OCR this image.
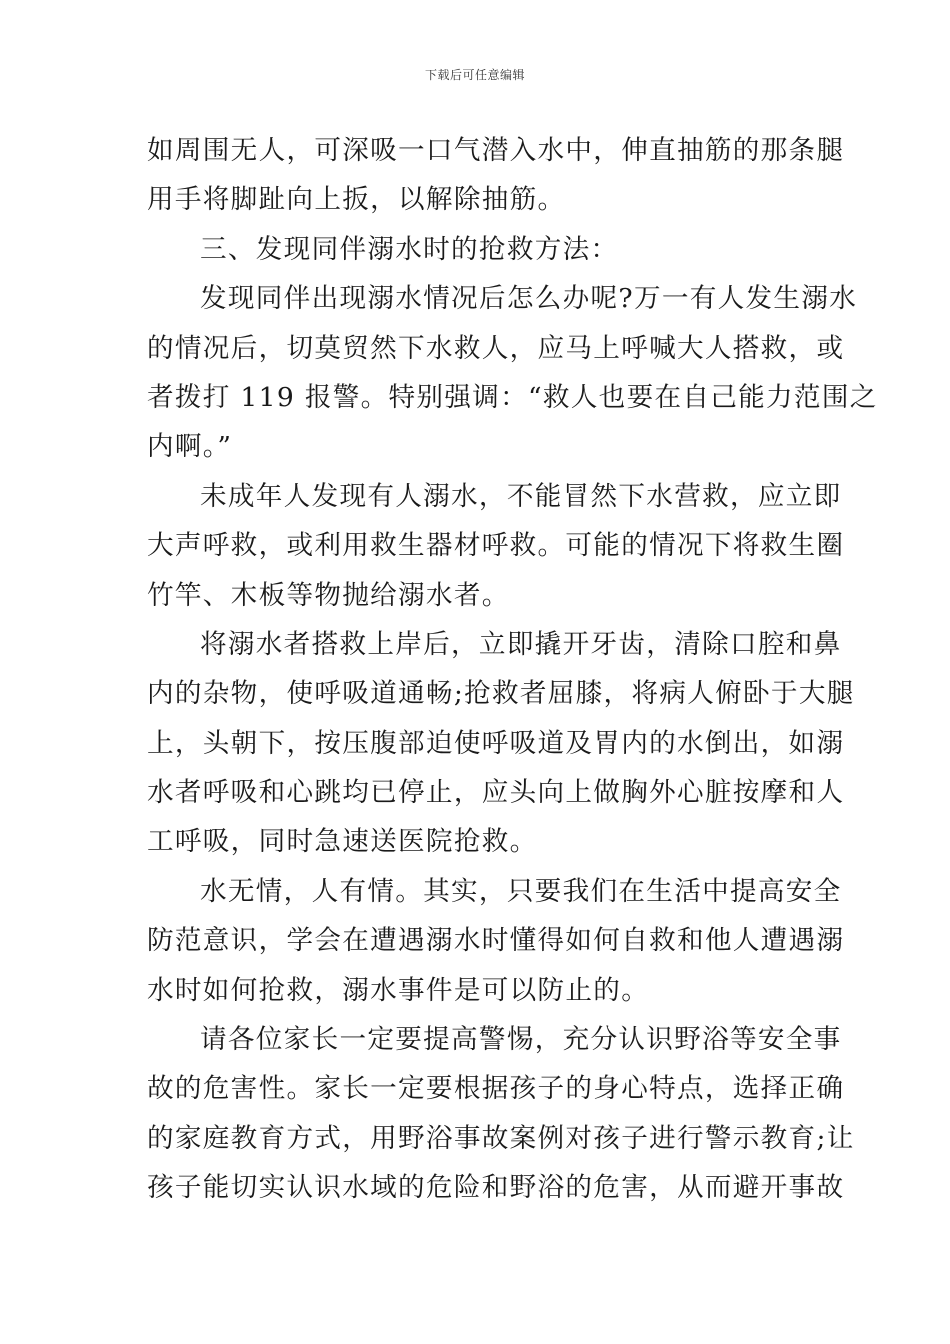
下载后可任意编辑
如周围无人，可深吸一口气潜入水中，伸直抽筋的那条腿
用手将脚趾向上扳，以解除抽筋。
三、发现同伴溺水时的抢救方法：
发现同伴出现溺水情况后怎么办呢?万一有人发生溺水
的情况后，切莫贸然下水救人，应马上呼喊大人搭救，或
者拨打 119 报警。特别强调：“救人也要在自己能力范围之
内啊。”
未成年人发现有人溺水，不能冒然下水营救，应立即
大声呼救，或利用救生器材呼救。可能的情况下将救生圈
竹竿、木板等物抛给溺水者。
将溺水者搭救上岸后，立即撬开牙齿，清除口腔和鼻
内的杂物，使呼吸道通畅;抢救者屈膝，将病人俯卧于大腿
上，头朝下，按压腹部迫使呼吸道及胃内的水倒出，如溺
水者呼吸和心跳均已停止，应头向上做胸外心脏按摩和人
工呼吸，同时急速送医院抢救。
水无情，人有情。其实，只要我们在生活中提高安全
防范意识，学会在遭遇溺水时懂得如何自救和他人遭遇溺
水时如何抢救，溺水事件是可以防止的。
请各位家长一定要提高警惕，充分认识野浴等安全事
故的危害性。家长一定要根据孩子的身心特点，选择正确
的家庭教育方式，用野浴事故案例对孩子进行警示教育;让
孩子能切实认识水域的危险和野浴的危害，从而避开事故
